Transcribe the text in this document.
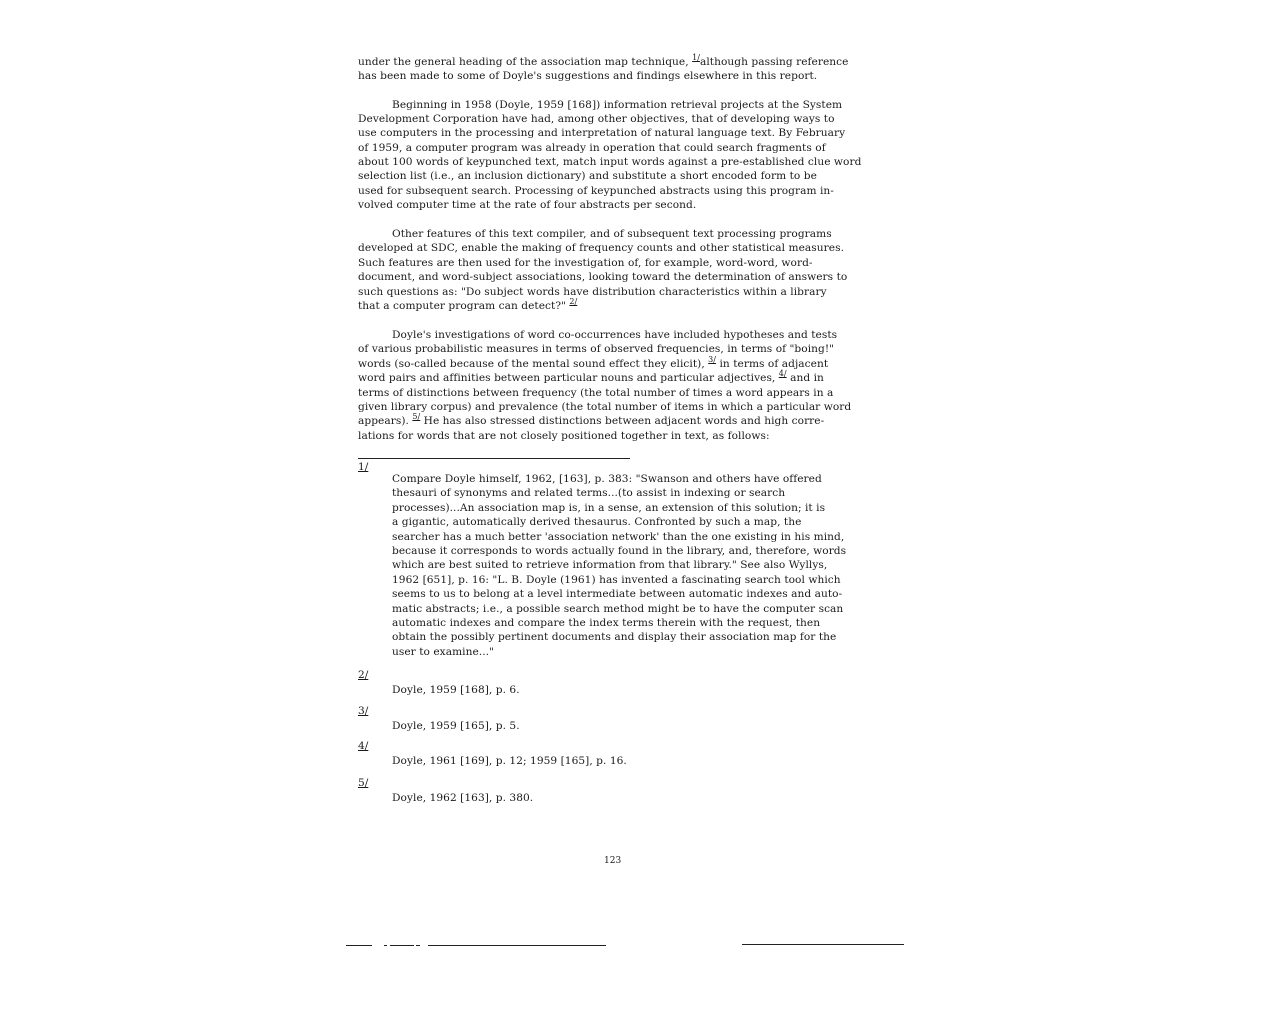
under the general heading of the association map technique, $^{1/}$although passing reference
has been made to some of Doyle's suggestions and findings elsewhere in this report.
Beginning in 1958 (Doyle, 1959 [168]) information retrieval projects at the System
Development Corporation have had, among other objectives, that of developing ways to
use computers in the processing and interpretation of natural language text. By February
of 1959, a computer program was already in operation that could search fragments of
about 100 words of keypunched text, match input words against a pre-established clue word
selection list (i.e., an inclusion dictionary) and substitute a short encoded form to be
used for subsequent search. Processing of keypunched abstracts using this program in-
volved computer time at the rate of four abstracts per second.
Other features of this text compiler, and of subsequent text processing programs
developed at SDC, enable the making of frequency counts and other statistical measures.
Such features are then used for the investigation of, for example, word-word, word-
document, and word-subject associations, looking toward the determination of answers to
such questions as: "Do subject words have distribution characteristics within a library
that a computer program can detect?" $^{2/}$
Doyle's investigations of word co-occurrences have included hypotheses and tests
of various probabilistic measures in terms of observed frequencies, in terms of "boing!"
words (so-called because of the mental sound effect they elicit), $^{3/}$ in terms of adjacent
word pairs and affinities between particular nouns and particular adjectives, $^{4/}$ and in
terms of distinctions between frequency (the total number of times a word appears in a
given library corpus) and prevalence (the total number of items in which a particular word
appears). $^{5/}$ He has also stressed distinctions between adjacent words and high corre-
lations for words that are not closely positioned together in text, as follows:
1/
Compare Doyle himself, 1962, [163], p. 383: "Swanson and others have offered
thesauri of synonyms and related terms...(to assist in indexing or search
processes)...An association map is, in a sense, an extension of this solution; it is
a gigantic, automatically derived thesaurus. Confronted by such a map, the
searcher has a much better 'association network' than the one existing in his mind,
because it corresponds to words actually found in the library, and, therefore, words
which are best suited to retrieve information from that library." See also Wyllys,
1962 [651], p. 16: "L. B. Doyle (1961) has invented a fascinating search tool which
seems to us to belong at a level intermediate between automatic indexes and auto-
matic abstracts; i.e., a possible search method might be to have the computer scan
automatic indexes and compare the index terms therein with the request, then
obtain the possibly pertinent documents and display their association map for the
user to examine..."
2/
Doyle, 1959 [168], p. 6.
3/
Doyle, 1959 [165], p. 5.
4/
Doyle, 1961 [169], p. 12; 1959 [165], p. 16.
5/
Doyle, 1962 [163], p. 380.
123
